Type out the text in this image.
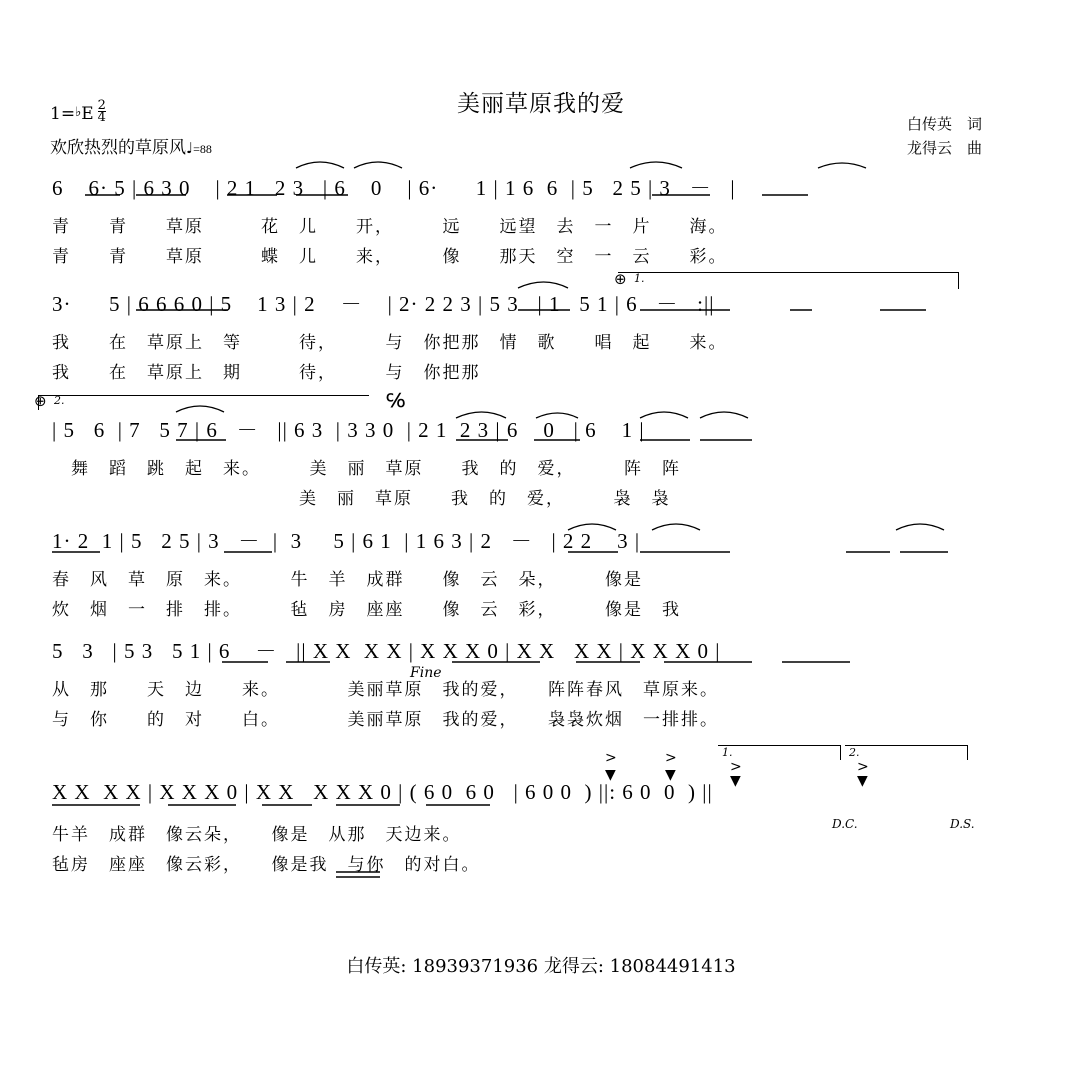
美丽草原我的爱
白传英　词
龙得云　曲
1=♭E $\frac{2}{4}$
欢欣热烈的草原风♩=88
6    6· 5 | 6 3 0    | 2 1   2 3   | 6    0    | 6·      1 | 1 6  6  | 5   2 5 | 3   －   |
青　　青　　草原　　　花　儿　　开，　　　远　　远望　去　一　片　　海。
青　　青　　草原　　　蝶　儿　　来，　　　像　　那天　空　一　云　　彩。
3·      5 | 6 6 6 0 | 5    1 3 | 2    －    | 2· 2 2 3 | 5 3   | 1   5 1 | 6   －   :||
我　　在　草原上　等　　　待，　　　与　你把那　情　歌　　唱　起　　来。
我　　在　草原上　期　　　待，　　　与　你把那
⊕ 1.
⊕ 2.	℅
| 5   6  | 7   5 7 | 6   －   || 6 3  | 3 3 0  | 2 1  2 3 | 6    0   | 6    1 |
　舞　蹈　跳　起　来。　　　美　丽　草原　　我　的　爱，　　　阵　阵
　　　　　　　　　　　　　美　丽　草原　　我　的　爱，　　　袅　袅
1· 2  1 | 5   2 5 | 3   －  |  3     5 | 6 1  | 1 6 3 | 2   －   | 2 2    3 |
春　风　草　原　来。　　　牛　羊　成群　　像　云　朵，　　　像是
炊　烟　一　排　排。　　　毡　房　座座　　像　云　彩，　　　像是　我
5   3   | 5 3   5 1 | 6    －   || X X  X X | X X X 0 | X X   X X | X X X 0 |
Fine
从　那　　天　边　　来。　　　　美丽草原　我的爱，　　阵阵春风　草原来。
与　你　　的　对　　白。　　　　美丽草原　我的爱，　　袅袅炊烟　一排排。
>	>
▼	▼	>
▼
>
▼
1.	2.
X X  X X | X X X 0 | X X   X X X 0 | ( 6 0  6 0   | 6 0 0  ) ||: 6 0  0  ) ||
D.C.	D.S.
牛羊　成群　像云朵，　　像是　从那　天边来。
毡房　座座　像云彩，　　像是我　与你　的对白。
白传英: 18939371936 龙得云: 18084491413
